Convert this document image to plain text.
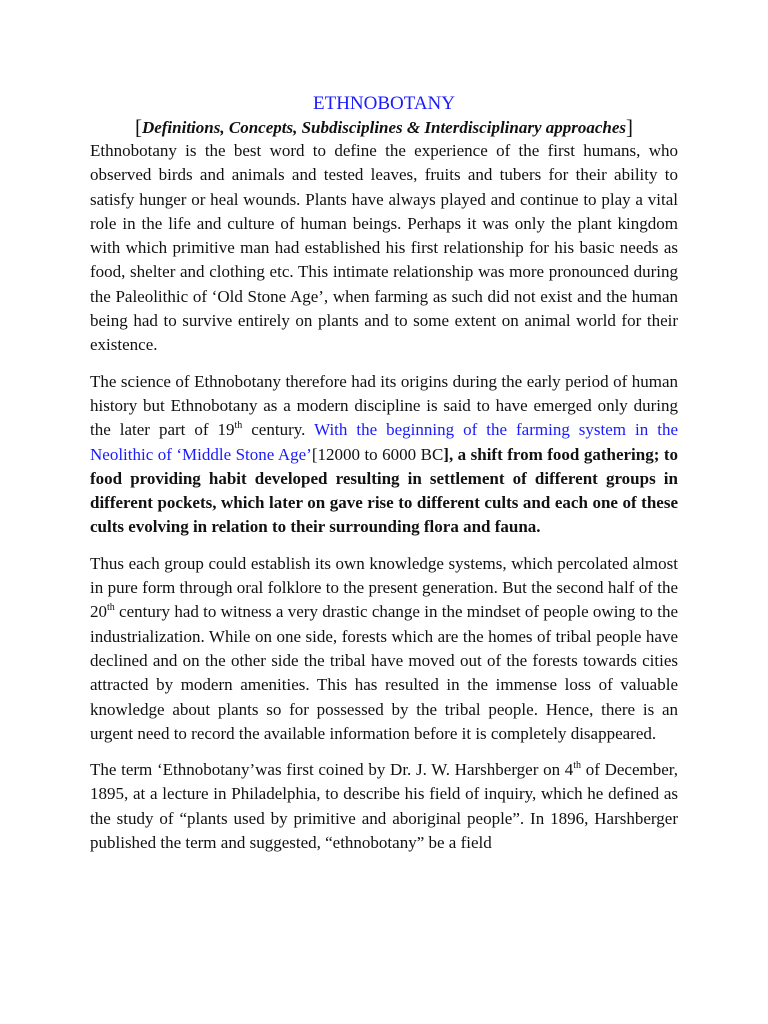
ETHNOBOTANY
[Definitions, Concepts, Subdisciplines & Interdisciplinary approaches]

Ethnobotany is the best word to define the experience of the first humans, who observed birds and animals and tested leaves, fruits and tubers for their ability to satisfy hunger or heal wounds. Plants have always played and continue to play a vital role in the life and culture of human beings. Perhaps it was only the plant kingdom with which primitive man had established his first relationship for his basic needs as food, shelter and clothing etc. This intimate relationship was more pronounced during the Paleolithic of ‘Old Stone Age’, when farming as such did not exist and the human being had to survive entirely on plants and to some extent on animal world for their existence.

The science of Ethnobotany therefore had its origins during the early period of human history but Ethnobotany as a modern discipline is said to have emerged only during the later part of 19th century. With the beginning of the farming system in the Neolithic of ‘Middle Stone Age’[12000 to 6000 BC], a shift from food gathering; to food providing habit developed resulting in settlement of different groups in different pockets, which later on gave rise to different cults and each one of these cults evolving in relation to their surrounding flora and fauna.

Thus each group could establish its own knowledge systems, which percolated almost in pure form through oral folklore to the present generation. But the second half of the 20th century had to witness a very drastic change in the mindset of people owing to the industrialization. While on one side, forests which are the homes of tribal people have declined and on the other side the tribal have moved out of the forests towards cities attracted by modern amenities. This has resulted in the immense loss of valuable knowledge about plants so for possessed by the tribal people. Hence, there is an urgent need to record the available information before it is completely disappeared.

The term ‘Ethnobotany’was first coined by Dr. J. W. Harshberger on 4th of December, 1895, at a lecture in Philadelphia, to describe his field of inquiry, which he defined as the study of “plants used by primitive and aboriginal people”. In 1896, Harshberger published the term and suggested, “ethnobotany” be a field
